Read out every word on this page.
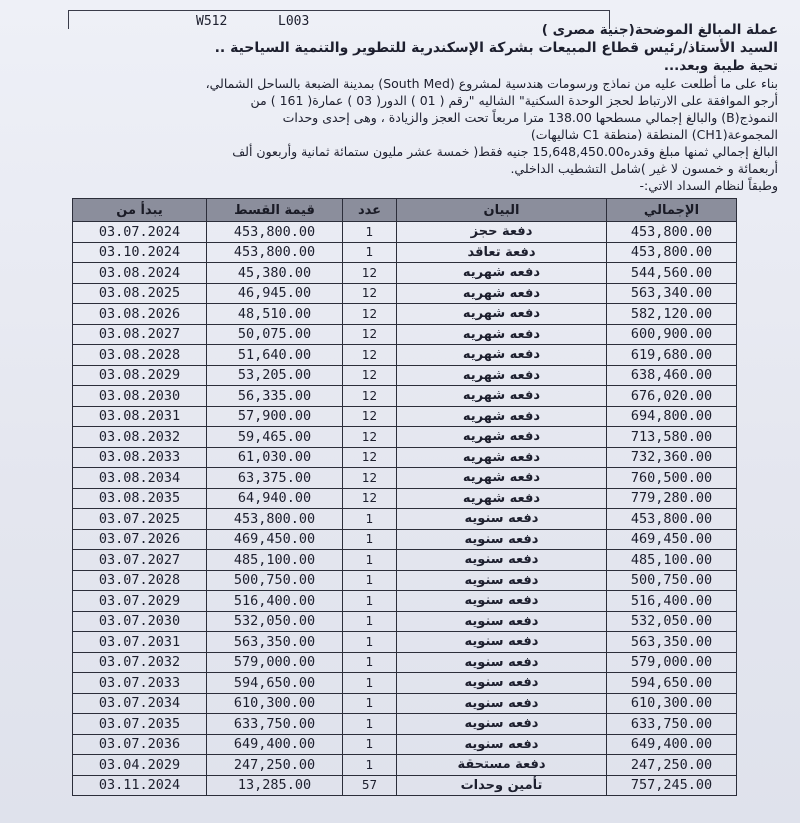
W512	L003
عملة المبالغ الموضحة(جنية مصرى )
السيد الأستاذ/رئيس قطاع المبيعات بشركة الإسكندرية للتطوير والتنمية السياحية ..
تحية طيبة وبعد...
بناء على ما أطلعت عليه من نماذج ورسومات هندسية لمشروع (South Med) بمدينة الضبعة بالساحل الشمالي،
أرجو الموافقة على الارتباط لحجز الوحدة السكنية" الشاليه "رقم ( 01 ) الدور( 03 ) عمارة( 161 ) من
النموذج(B) والبالغ إجمالي مسطحها 138.00 مترا مربعاً تحت العجز والزيادة ، وهى إحدى وحدات
المجموعة(CH1) المنطقة (منطقة C1 شاليهات)
البالغ إجمالي ثمنها مبلغ وقدره15,648,450.00 جنيه فقط( خمسة عشر مليون ستمائة ثمانية وأربعون ألف
أربعمائة و خمسون لا غير )شامل التشطيب الداخلي.
وطبقاً لنظام السداد الاتي:-
يبدأ من	قيمة القسط	عدد	البيان	الإجمالي
03.07.2024	453,800.00	1	دفعة حجز	453,800.00
03.10.2024	453,800.00	1	دفعة تعاقد	453,800.00
03.08.2024	45,380.00	12	دفعه شهريه	544,560.00
03.08.2025	46,945.00	12	دفعه شهريه	563,340.00
03.08.2026	48,510.00	12	دفعه شهريه	582,120.00
03.08.2027	50,075.00	12	دفعه شهريه	600,900.00
03.08.2028	51,640.00	12	دفعه شهريه	619,680.00
03.08.2029	53,205.00	12	دفعه شهريه	638,460.00
03.08.2030	56,335.00	12	دفعه شهريه	676,020.00
03.08.2031	57,900.00	12	دفعه شهريه	694,800.00
03.08.2032	59,465.00	12	دفعه شهريه	713,580.00
03.08.2033	61,030.00	12	دفعه شهريه	732,360.00
03.08.2034	63,375.00	12	دفعه شهريه	760,500.00
03.08.2035	64,940.00	12	دفعه شهريه	779,280.00
03.07.2025	453,800.00	1	دفعه سنويه	453,800.00
03.07.2026	469,450.00	1	دفعه سنويه	469,450.00
03.07.2027	485,100.00	1	دفعه سنويه	485,100.00
03.07.2028	500,750.00	1	دفعه سنويه	500,750.00
03.07.2029	516,400.00	1	دفعه سنويه	516,400.00
03.07.2030	532,050.00	1	دفعه سنويه	532,050.00
03.07.2031	563,350.00	1	دفعه سنويه	563,350.00
03.07.2032	579,000.00	1	دفعه سنويه	579,000.00
03.07.2033	594,650.00	1	دفعه سنويه	594,650.00
03.07.2034	610,300.00	1	دفعه سنويه	610,300.00
03.07.2035	633,750.00	1	دفعه سنويه	633,750.00
03.07.2036	649,400.00	1	دفعه سنويه	649,400.00
03.04.2029	247,250.00	1	دفعة مستحقة	247,250.00
03.11.2024	13,285.00	57	تأمين وحدات	757,245.00
